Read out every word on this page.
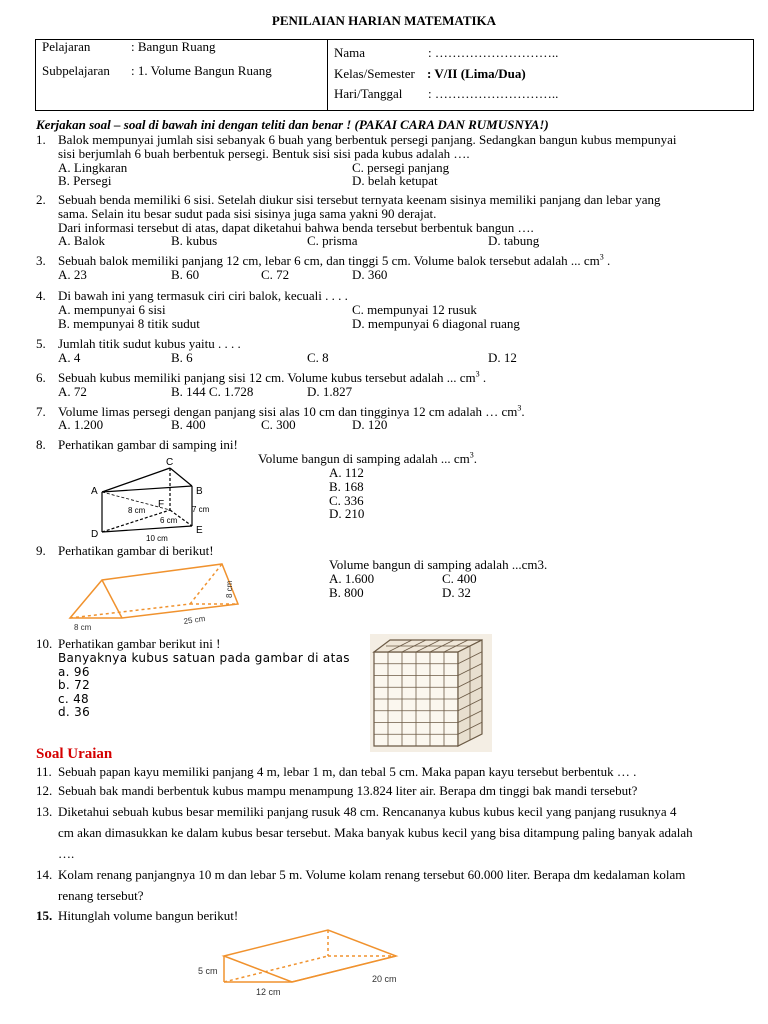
PENILAIAN HARIAN MATEMATIKA
Pelajaran	: Bangun Ruang
Subpelajaran : 1. Volume Bangun Ruang
Nama	: ………………………..
Kelas/Semester : V/II (Lima/Dua)
Hari/Tanggal : ………………………..
Kerjakan soal – soal di bawah ini dengan teliti dan benar ! (PAKAI CARA DAN RUMUSNYA!)
1. Balok mempunyai jumlah sisi sebanyak 6 buah yang berbentuk persegi panjang. Sedangkan bangun kubus mempunyai
sisi berjumlah 6 buah berbentuk persegi. Bentuk sisi sisi pada kubus adalah ….
A. Lingkaran	C. persegi panjang
B. Persegi	D. belah ketupat
2. Sebuah benda memiliki 6 sisi. Setelah diukur sisi tersebut ternyata keenam sisinya memiliki panjang dan lebar yang
sama. Selain itu besar sudut pada sisi sisinya juga sama yakni 90 derajat.
Dari informasi tersebut di atas, dapat diketahui bahwa benda tersebut berbentuk bangun ….
A. Balok	B. kubus	C. prisma	D. tabung
3. Sebuah balok memiliki panjang 12 cm, lebar 6 cm, dan tinggi 5 cm. Volume balok tersebut adalah ... $cm^3$ .
A. 23	B. 60	C. 72	D. 360
4. Di bawah ini yang termasuk ciri ciri balok, kecuali . . . .
A. mempunyai 6 sisi	C. mempunyai 12 rusuk
B. mempunyai 8 titik sudut	D. mempunyai 6 diagonal ruang
5. Jumlah titik sudut kubus yaitu . . . .
A. 4	B. 6	C. 8	D. 12
6. Sebuah kubus memiliki panjang sisi 12 cm. Volume kubus tersebut adalah ... $cm^3$ .
A. 72	B. 144 C. 1.728	D. 1.827
7. Volume limas persegi dengan panjang sisi alas 10 cm dan tingginya 12 cm adalah … $cm^3$.
A. 1.200	B. 400	C. 300	D. 120
8. Perhatikan gambar di samping ini!
Volume bangun di samping adalah ... $cm^3$.
A. 112
B. 168
C. 336
D. 210
C
A	B
F
D	E
8 cm	7 cm
6 cm
10 cm
9. Perhatikan gambar di berikut!
Volume bangun di samping adalah ...cm3.
A. 1.600	C. 400
B. 800	D. 32
8 cm
25 cm
8 cm
10. Perhatikan gambar berikut ini !
Banyaknya kubus satuan pada gambar di atas
a. 96
b. 72
c. 48
d. 36
Soal Uraian
11. Sebuah papan kayu memiliki panjang 4 m, lebar 1 m, dan tebal 5 cm. Maka papan kayu tersebut berbentuk … .
12. Sebuah bak mandi berbentuk kubus mampu menampung 13.824 liter air. Berapa dm tinggi bak mandi tersebut?
13. Diketahui sebuah kubus besar memiliki panjang rusuk 48 cm. Rencananya kubus kubus kecil yang panjang rusuknya 4
cm akan dimasukkan ke dalam kubus besar tersebut. Maka banyak kubus kecil yang bisa ditampung paling banyak adalah
….
14. Kolam renang panjangnya 10 m dan lebar 5 m. Volume kolam renang tersebut 60.000 liter. Berapa dm kedalaman kolam
renang tersebut?
15. Hitunglah volume bangun berikut!
5 cm
20 cm
12 cm
